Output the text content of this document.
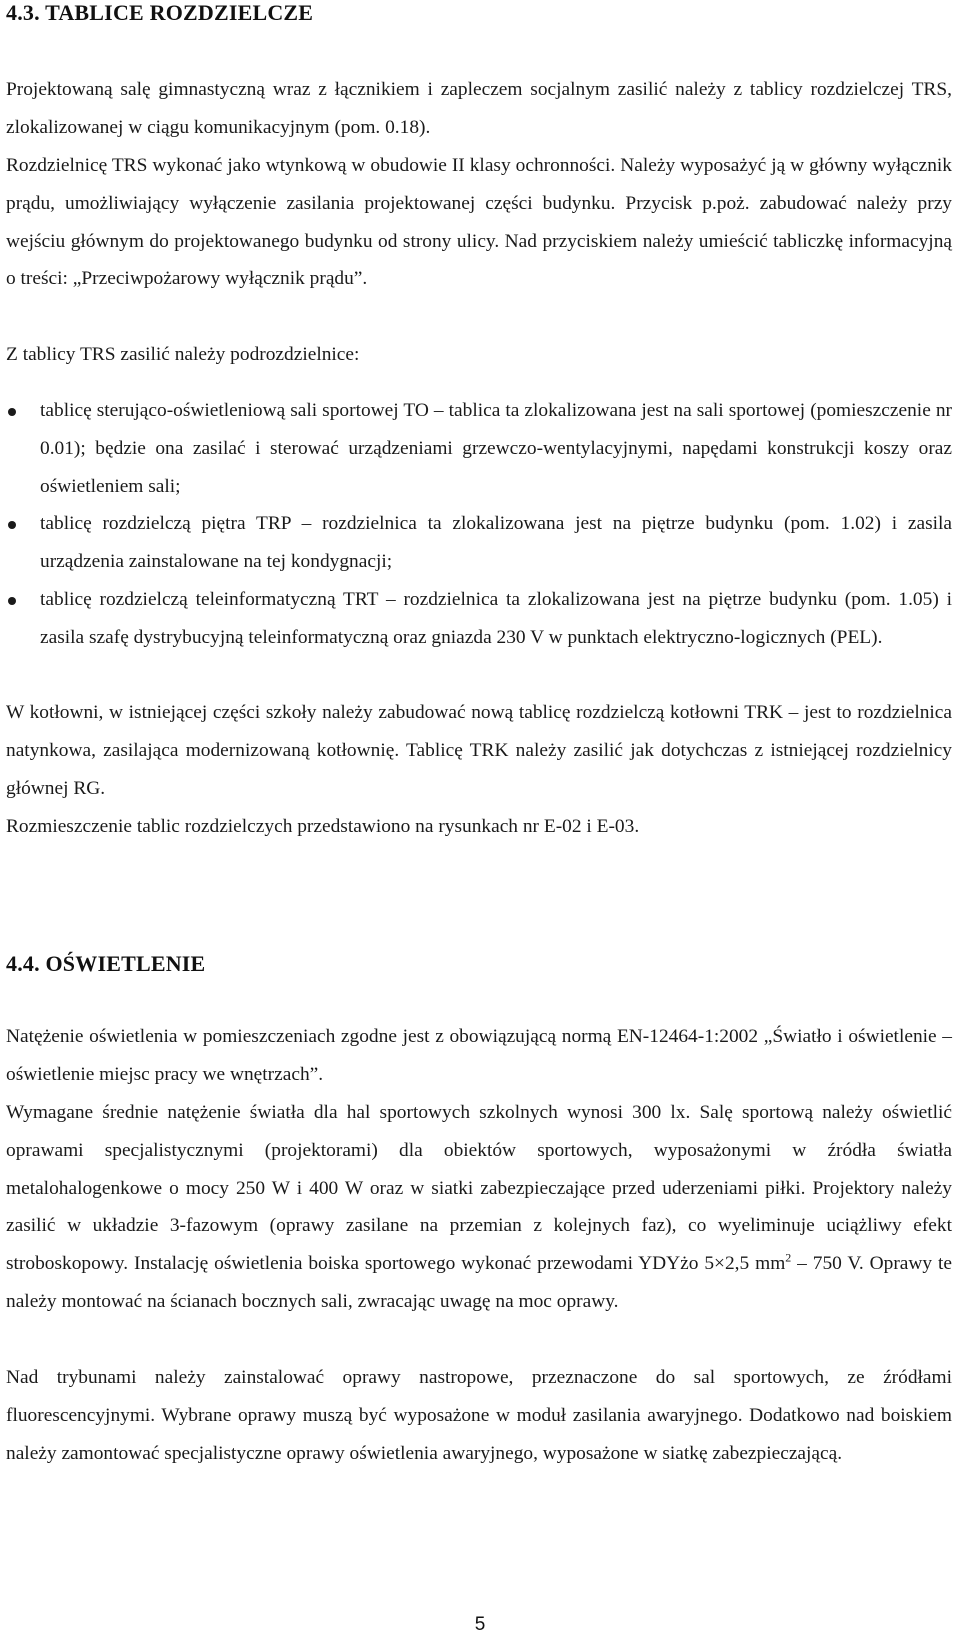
4.3. TABLICE ROZDZIELCZE

Projektowaną salę gimnastyczną wraz z łącznikiem i zapleczem socjalnym zasilić należy z tablicy rozdzielczej TRS, zlokalizowanej w ciągu komunikacyjnym (pom. 0.18).

Rozdzielnicę TRS wykonać jako wtynkową w obudowie II klasy ochronności. Należy wyposażyć ją w główny wyłącznik prądu, umożliwiający wyłączenie zasilania projektowanej części budynku. Przycisk p.poż. zabudować należy przy wejściu głównym do projektowanego budynku od strony ulicy. Nad przyciskiem należy umieścić tabliczkę informacyjną o treści: „Przeciwpożarowy wyłącznik prądu”.

Z tablicy TRS zasilić należy podrozdzielnice:

tablicę sterująco-oświetleniową sali sportowej TO – tablica ta zlokalizowana jest na sali sportowej (pomieszczenie nr 0.01); będzie ona zasilać i sterować urządzeniami grzewczo-wentylacyjnymi, napędami konstrukcji koszy oraz oświetleniem sali;
tablicę rozdzielczą piętra TRP – rozdzielnica ta zlokalizowana jest na piętrze budynku (pom. 1.02) i zasila urządzenia zainstalowane na tej kondygnacji;
tablicę rozdzielczą teleinformatyczną TRT – rozdzielnica ta zlokalizowana jest na piętrze budynku (pom. 1.05) i zasila szafę dystrybucyjną teleinformatyczną oraz gniazda 230 V w punktach elektryczno-logicznych (PEL).

W kotłowni, w istniejącej części szkoły należy zabudować nową tablicę rozdzielczą kotłowni TRK – jest to rozdzielnica natynkowa, zasilająca modernizowaną kotłownię. Tablicę TRK należy zasilić jak dotychczas z istniejącej rozdzielnicy głównej RG.

Rozmieszczenie tablic rozdzielczych przedstawiono na rysunkach nr E-02 i E-03.

4.4. OŚWIETLENIE

Natężenie oświetlenia w pomieszczeniach zgodne jest z obowiązującą normą EN-12464-1:2002 „Światło i oświetlenie – oświetlenie miejsc pracy we wnętrzach”.

Wymagane średnie natężenie światła dla hal sportowych szkolnych wynosi 300 lx. Salę sportową należy oświetlić oprawami specjalistycznymi (projektorami) dla obiektów sportowych, wyposażonymi w źródła światła metalohalogenkowe o mocy 250 W i 400 W oraz w siatki zabezpieczające przed uderzeniami piłki. Projektory należy zasilić w układzie 3-fazowym (oprawy zasilane na przemian z kolejnych faz), co wyeliminuje uciążliwy efekt stroboskopowy. Instalację oświetlenia boiska sportowego wykonać przewodami YDYżo 5×2,5 $mm^2 - 750$ V. Oprawy te należy montować na ścianach bocznych sali, zwracając uwagę na moc oprawy.

Nad trybunami należy zainstalować oprawy nastropowe, przeznaczone do sal sportowych, ze źródłami fluorescencyjnymi. Wybrane oprawy muszą być wyposażone w moduł zasilania awaryjnego. Dodatkowo nad boiskiem należy zamontować specjalistyczne oprawy oświetlenia awaryjnego, wyposażone w siatkę zabezpieczającą.

5
